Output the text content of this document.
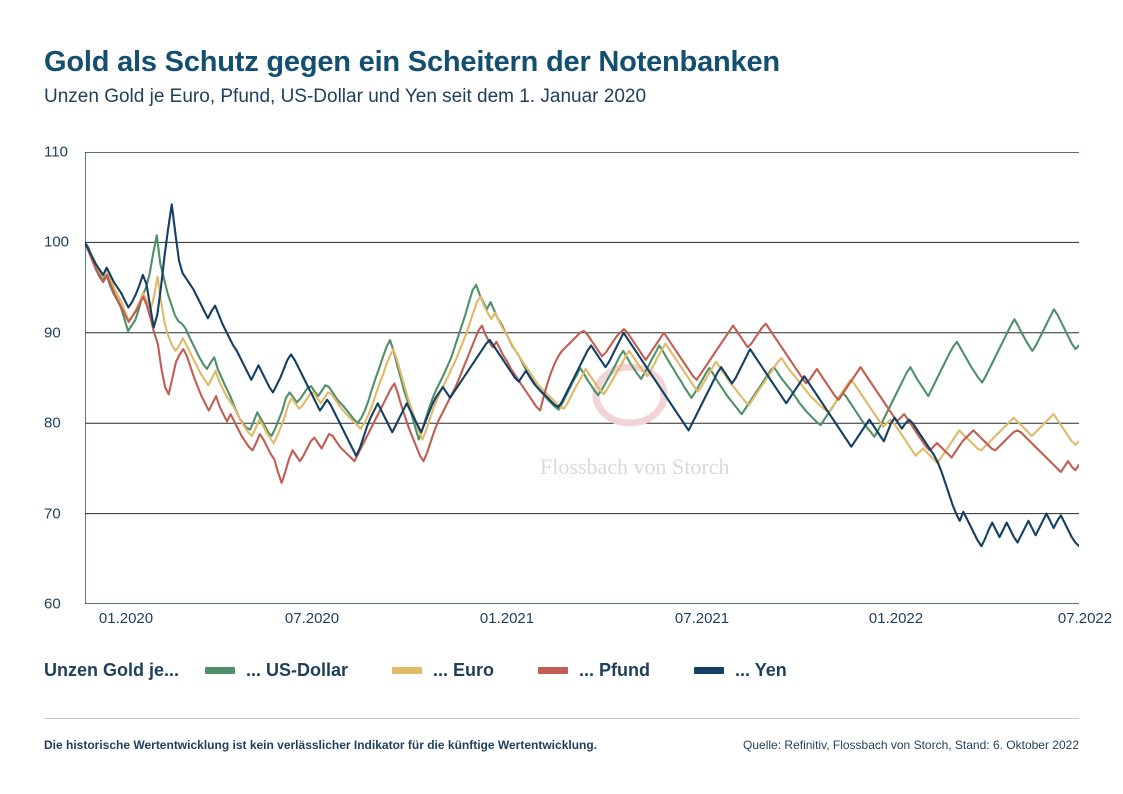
Gold als Schutz gegen ein Scheitern der Notenbanken
Unzen Gold je Euro, Pfund, US-Dollar und Yen seit dem 1. Januar 2020
110
100
90
80
70
60
Flossbach von Storch
01.2020	07.2020	01.2021	07.2021	01.2022	07.2022
Unzen Gold je...	... US-Dollar	... Euro	... Pfund	... Yen
Die historische Wertentwicklung ist kein verlässlicher Indikator für die künftige Wertentwicklung.	Quelle: Refinitiv, Flossbach von Storch, Stand: 6. Oktober 2022
